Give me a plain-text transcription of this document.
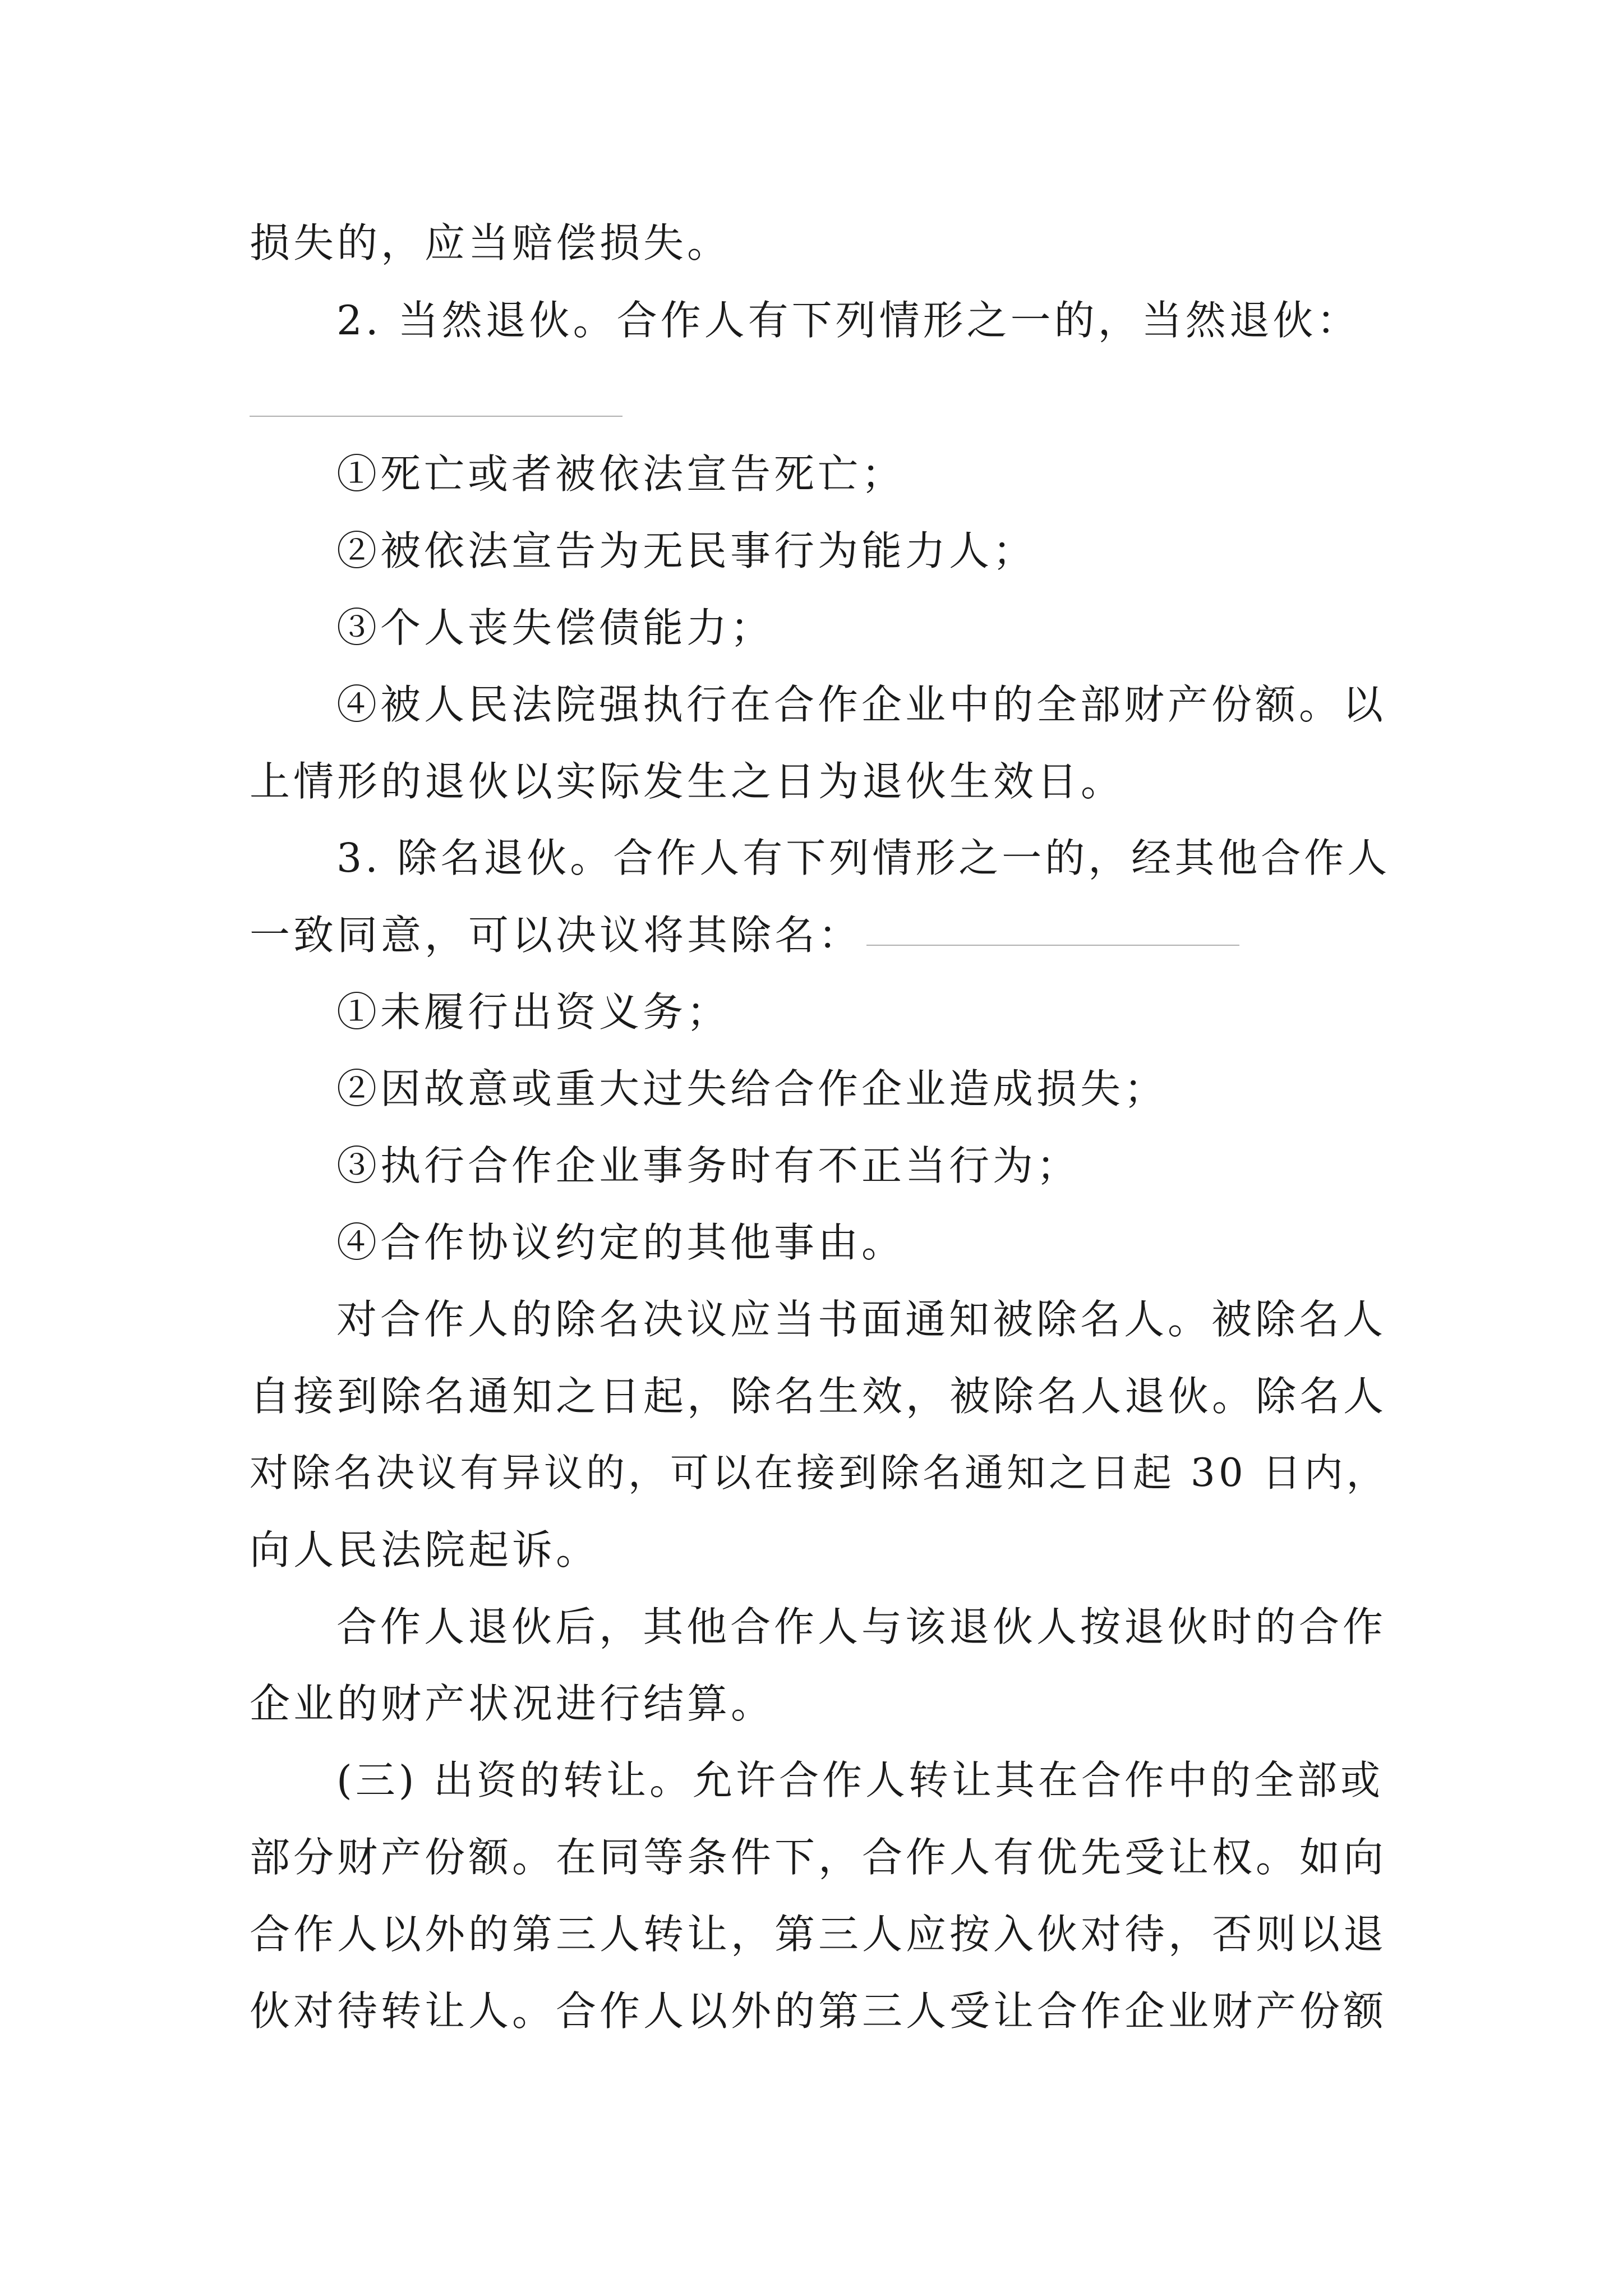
损失的，应当赔偿损失。
2. 当然退伙。合作人有下列情形之一的，当然退伙：
①死亡或者被依法宣告死亡；
②被依法宣告为无民事行为能力人；
③个人丧失偿债能力；
④被人民法院强执行在合作企业中的全部财产份额。以
上情形的退伙以实际发生之日为退伙生效日。
3. 除名退伙。合作人有下列情形之一的，经其他合作人
一致同意，可以决议将其除名：
①未履行出资义务；
②因故意或重大过失给合作企业造成损失；
③执行合作企业事务时有不正当行为；
④合作协议约定的其他事由。
对合作人的除名决议应当书面通知被除名人。被除名人
自接到除名通知之日起，除名生效，被除名人退伙。除名人
对除名决议有异议的，可以在接到除名通知之日起 30 日内，
向人民法院起诉。
合作人退伙后，其他合作人与该退伙人按退伙时的合作
企业的财产状况进行结算。
(三) 出资的转让。允许合作人转让其在合作中的全部或
部分财产份额。在同等条件下，合作人有优先受让权。如向
合作人以外的第三人转让，第三人应按入伙对待，否则以退
伙对待转让人。合作人以外的第三人受让合作企业财产份额
